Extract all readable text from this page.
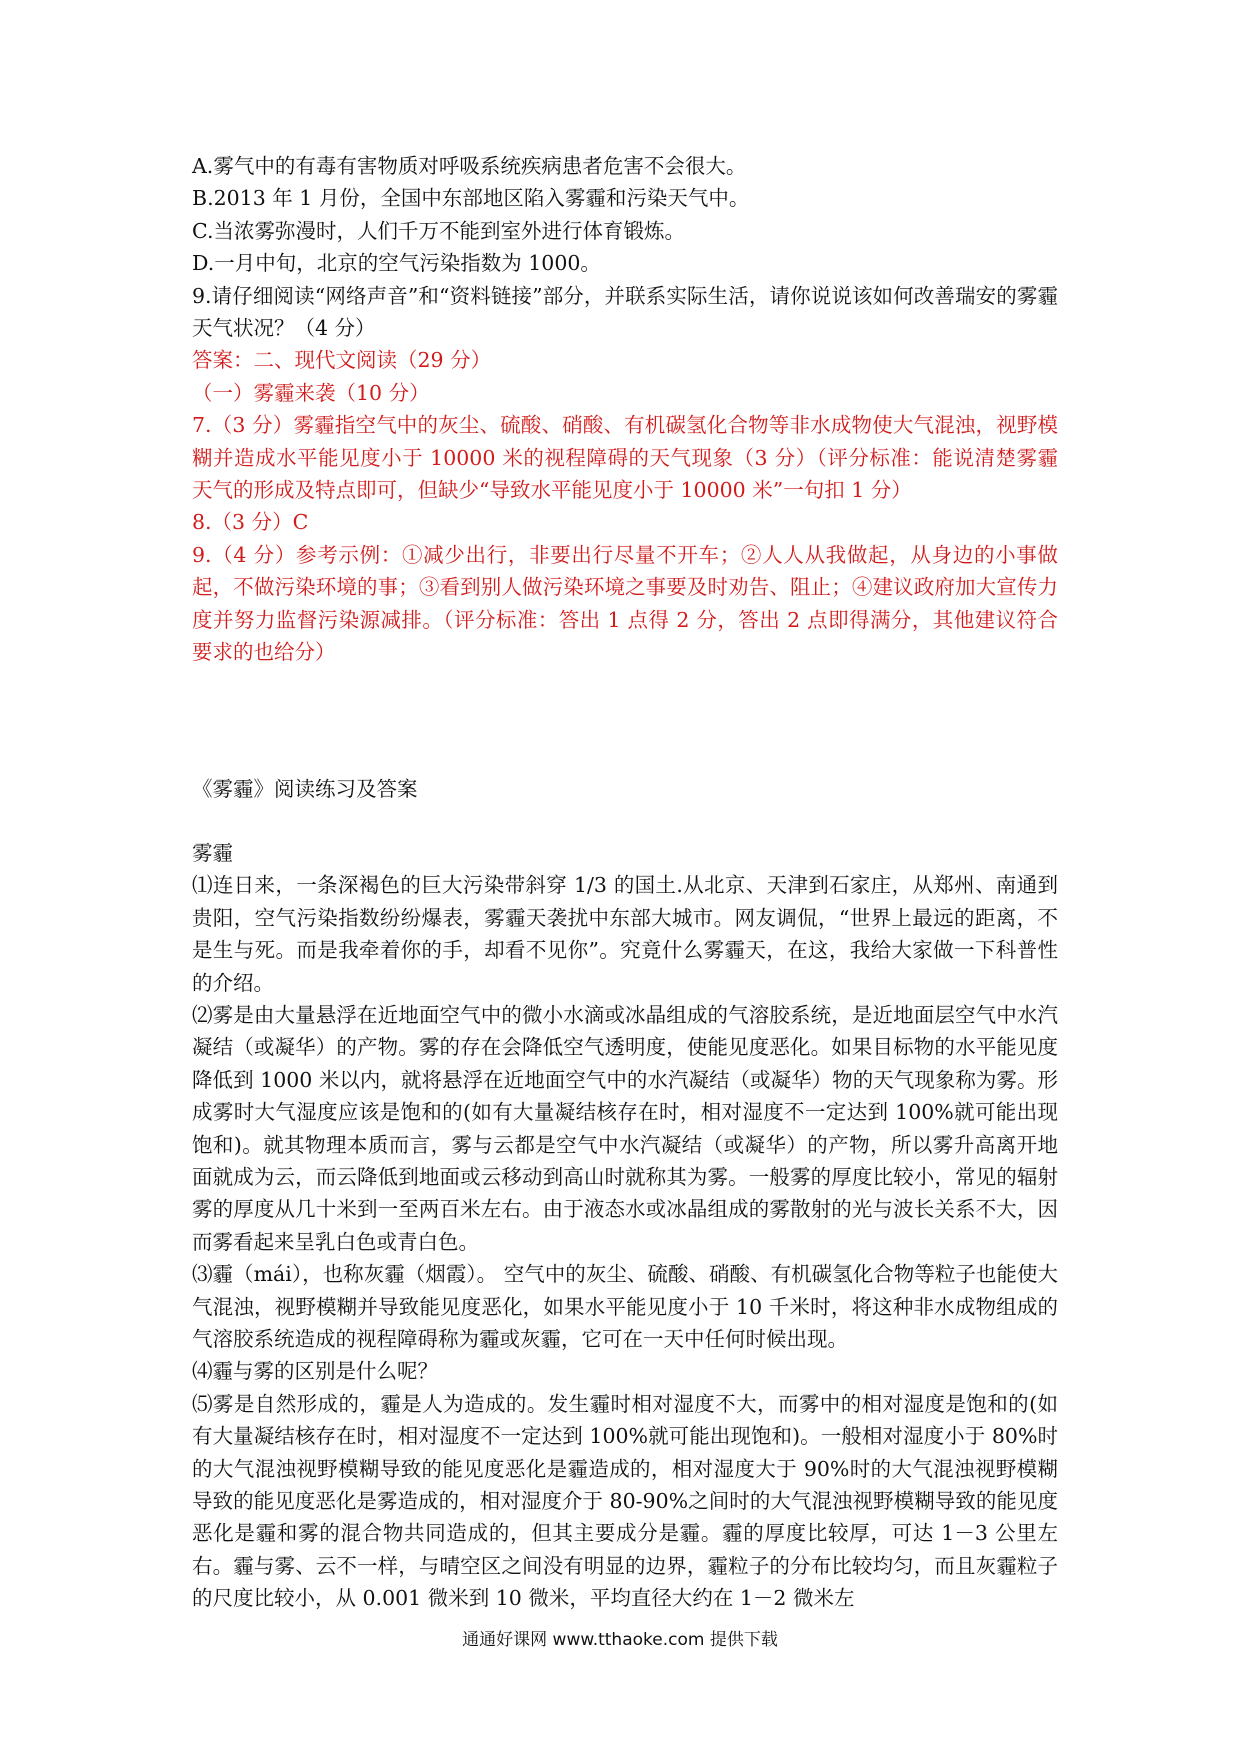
A.雾气中的有毒有害物质对呼吸系统疾病患者危害不会很大。

B.2013 年 1 月份，全国中东部地区陷入雾霾和污染天气中。

C.当浓雾弥漫时，人们千万不能到室外进行体育锻炼。

D.一月中旬，北京的空气污染指数为 1000。

9.请仔细阅读“网络声音”和“资料链接”部分，并联系实际生活，请你说说该如何改善瑞安的雾霾天气状况？（4 分）

答案：二、现代文阅读（29 分）

（一）雾霾来袭（10 分）

7.（3 分）雾霾指空气中的灰尘、硫酸、硝酸、有机碳氢化合物等非水成物使大气混浊，视野模糊并造成水平能见度小于 10000 米的视程障碍的天气现象（3 分）（评分标准：能说清楚雾霾天气的形成及特点即可，但缺少“导致水平能见度小于 10000 米”一句扣 1 分）

8.（3 分）C

9.（4 分）参考示例：①减少出行，非要出行尽量不开车；②人人从我做起，从身边的小事做起，不做污染环境的事；③看到别人做污染环境之事要及时劝告、阻止；④建议政府加大宣传力度并努力监督污染源减排。（评分标准：答出 1 点得 2 分，答出 2 点即得满分，其他建议符合要求的也给分）

《雾霾》阅读练习及答案

雾霾

⑴连日来，一条深褐色的巨大污染带斜穿 1/3 的国土.从北京、天津到石家庄，从郑州、南通到贵阳，空气污染指数纷纷爆表，雾霾天袭扰中东部大城市。网友调侃，“世界上最远的距离，不是生与死。而是我牵着你的手，却看不见你”。究竟什么雾霾天，在这，我给大家做一下科普性的介绍。

⑵雾是由大量悬浮在近地面空气中的微小水滴或冰晶组成的气溶胶系统，是近地面层空气中水汽凝结（或凝华）的产物。雾的存在会降低空气透明度，使能见度恶化。如果目标物的水平能见度降低到 1000 米以内，就将悬浮在近地面空气中的水汽凝结（或凝华）物的天气现象称为雾。形成雾时大气湿度应该是饱和的(如有大量凝结核存在时，相对湿度不一定达到 100%就可能出现饱和)。就其物理本质而言，雾与云都是空气中水汽凝结（或凝华）的产物，所以雾升高离开地面就成为云，而云降低到地面或云移动到高山时就称其为雾。一般雾的厚度比较小，常见的辐射雾的厚度从几十米到一至两百米左右。由于液态水或冰晶组成的雾散射的光与波长关系不大，因而雾看起来呈乳白色或青白色。

⑶霾（mái），也称灰霾（烟霞）。 空气中的灰尘、硫酸、硝酸、有机碳氢化合物等粒子也能使大气混浊，视野模糊并导致能见度恶化，如果水平能见度小于 10 千米时，将这种非水成物组成的气溶胶系统造成的视程障碍称为霾或灰霾，它可在一天中任何时候出现。

⑷霾与雾的区别是什么呢？

⑸雾是自然形成的，霾是人为造成的。发生霾时相对湿度不大，而雾中的相对湿度是饱和的(如有大量凝结核存在时，相对湿度不一定达到 100%就可能出现饱和)。一般相对湿度小于 80%时的大气混浊视野模糊导致的能见度恶化是霾造成的，相对湿度大于 90%时的大气混浊视野模糊导致的能见度恶化是雾造成的，相对湿度介于 80-90%之间时的大气混浊视野模糊导致的能见度恶化是霾和雾的混合物共同造成的，但其主要成分是霾。霾的厚度比较厚，可达 1－3 公里左右。霾与雾、云不一样，与晴空区之间没有明显的边界，霾粒子的分布比较均匀，而且灰霾粒子的尺度比较小，从 0.001 微米到 10 微米，平均直径大约在 1－2 微米左

通通好课网 www.tthaoke.com 提供下载
